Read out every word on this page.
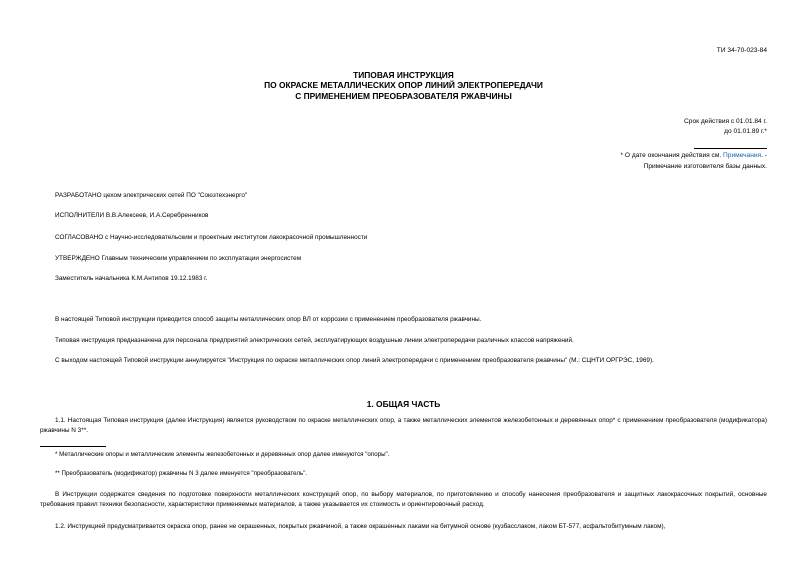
ТИ 34-70-023-84
ТИПОВАЯ ИНСТРУКЦИЯ
ПО ОКРАСКЕ МЕТАЛЛИЧЕСКИХ ОПОР ЛИНИЙ ЭЛЕКТРОПЕРЕДАЧИ
С ПРИМЕНЕНИЕМ ПРЕОБРАЗОВАТЕЛЯ РЖАВЧИНЫ
Срок действия с 01.01.84 г.
до 01.01.89 г.*
* О дате окончания действия см. Примечания. -
Примечание изготовителя базы данных.
РАЗРАБОТАНО цехом электрических сетей ПО "Союзтехэнерго"
ИСПОЛНИТЕЛИ В.В.Алексеев, И.А.Серебренников
СОГЛАСОВАНО с Научно-исследовательским и проектным институтом лакокрасочной промышленности
УТВЕРЖДЕНО Главным техническим управлением по эксплуатации энергосистем
Заместитель начальника К.М.Антипов 19.12.1983 г.
В настоящей Типовой инструкции приводится способ защиты металлических опор ВЛ от коррозии с применением преобразователя ржавчины.
Типовая инструкция предназначена для персонала предприятий электрических сетей, эксплуатирующих воздушные линии электропередачи различных классов напряжений.
С выходом настоящей Типовой инструкции аннулируется "Инструкция по окраске металлических опор линий электропередачи с применением преобразователя ржавчины" (М.: СЦНТИ ОРГРЭС, 1969).
1. ОБЩАЯ ЧАСТЬ
1.1. Настоящая Типовая инструкция (далее Инструкция) является руководством по окраске металлических опор, а также металлических элементов железобетонных и деревянных опор* с применением преобразователя (модификатора) ржавчины N 3**.
* Металлические опоры и металлические элементы железобетонных и деревянных опор далее именуются "опоры".
** Преобразователь (модификатор) ржавчины N 3 далее именуется "преобразователь".
В Инструкции содержатся сведения по подготовке поверхности металлических конструкций опор, по выбору материалов, по приготовлению и способу нанесения преобразователя и защитных лакокрасочных покрытий, основные требования правил техники безопасности, характеристики применяемых материалов, а также указывается их стоимость и ориентировочный расход.
1.2. Инструкцией предусматривается окраска опор, ранее не окрашенных, покрытых ржавчиной, а также окрашенных лаками на битумной основе (кузбасслаком, лаком БТ-577, асфальтобитумным лаком),
